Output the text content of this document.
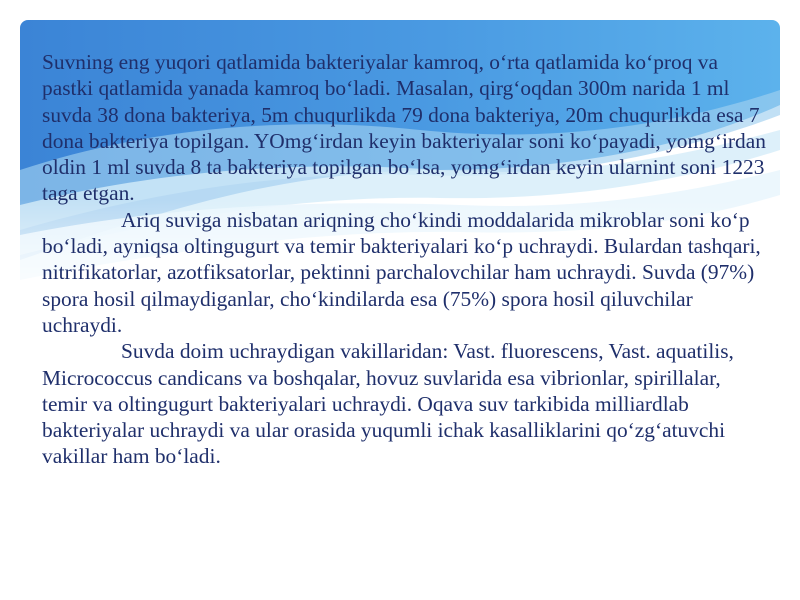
Suvning eng yuqori qatlamida bakteriyalar kamroq, o‘rta qatlamida ko‘proq va pastki qatlamida yanada kamroq bo‘ladi. Masalan, qirg‘oqdan 300m narida 1 ml suvda 38 dona bakteriya, 5m chuqurlikda 79 dona bakteriya, 20m chuqurlikda esa 7 dona bakteriya topilgan. YOmg‘irdan keyin bakteriyalar soni ko‘payadi, yomg‘irdan oldin 1 ml suvda 8 ta bakteriya topilgan bo‘lsa, yomg‘irdan keyin ularnint soni 1223 taga etgan.

Ariq suviga nisbatan ariqning cho‘kindi moddalarida mikroblar soni ko‘p bo‘ladi, ayniqsa oltingugurt va temir bakteriyalari ko‘p uchraydi. Bulardan tashqari, nitrifikatorlar, azotfiksatorlar, pektinni parchalovchilar ham uchraydi. Suvda (97%) spora hosil qilmaydiganlar, cho‘kindilarda esa (75%) spora hosil qiluvchilar uchraydi.

Suvda doim uchraydigan vakillaridan: Vast. fluorescens, Vast. aquatilis, Micrococcus candicans va boshqalar, hovuz suvlarida esa vibrionlar, spirillalar, temir va oltingugurt bakteriyalari uchraydi. Oqava suv tarkibida milliardlab bakteriyalar uchraydi va ular orasida yuqumli ichak kasalliklarini qo‘zg‘atuvchi vakillar ham bo‘ladi.
